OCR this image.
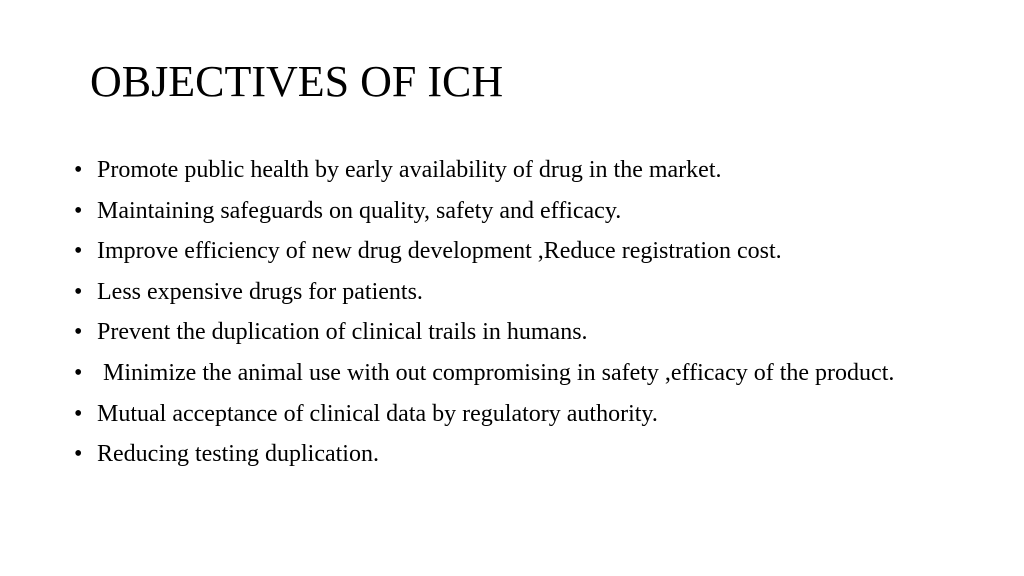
OBJECTIVES OF ICH
• Promote public health by early availability of drug in the market.
• Maintaining safeguards on quality, safety and efficacy.
• Improve efficiency of new drug development ,Reduce registration cost.
• Less expensive drugs for patients.
• Prevent the duplication of clinical trails in humans.
• Minimize the animal use with out compromising in safety ,efficacy of the product.
• Mutual acceptance of clinical data by regulatory authority.
• Reducing testing duplication.
